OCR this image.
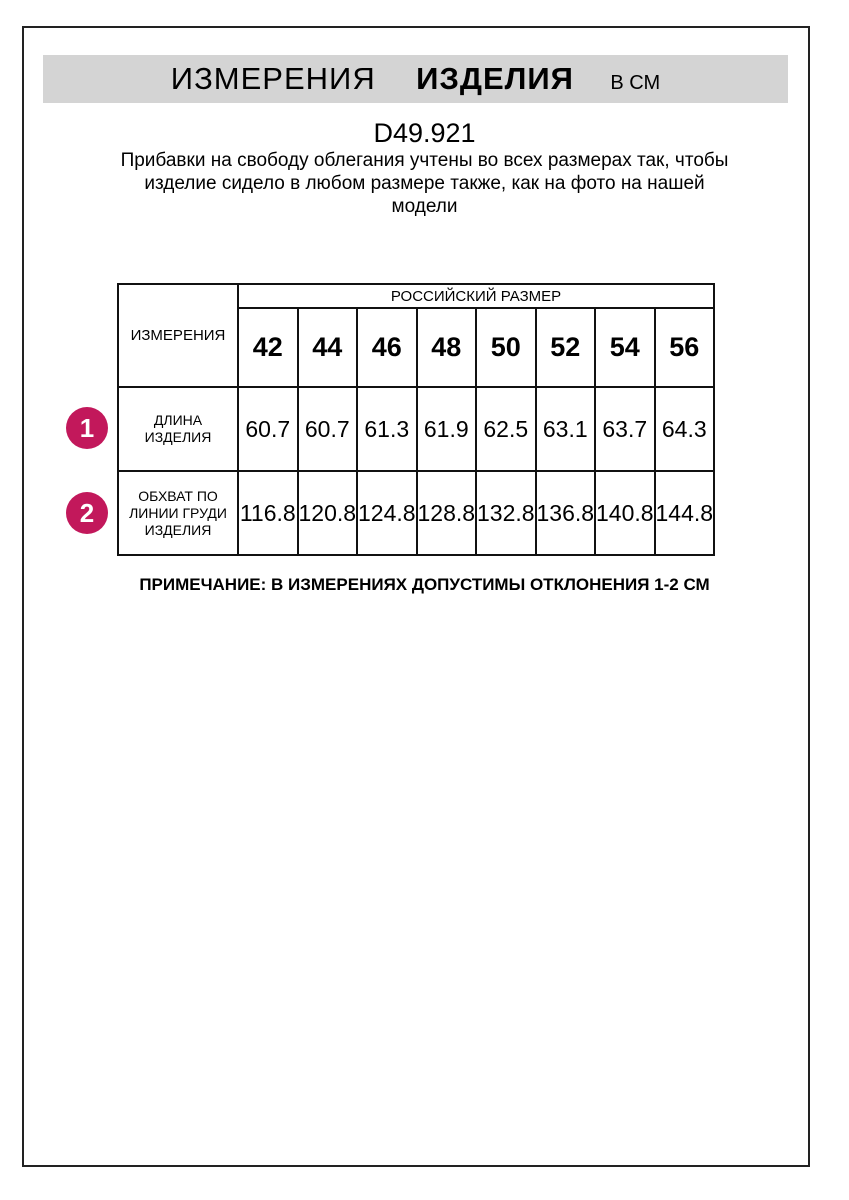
ИЗМЕРЕНИЯ ИЗДЕЛИЯ В СМ
D49.921
Прибавки на свободу облегания учтены во всех размерах так, чтобы
изделие сидело в любом размере также, как на фото на нашей
модели
ИЗМЕРЕНИЯ	РОССИЙСКИЙ РАЗМЕР							
	42	44	46	48	50	52	54	56
ДЛИНА ИЗДЕЛИЯ	60.7	60.7	61.3	61.9	62.5	63.1	63.7	64.3
ОБХВАТ ПО ЛИНИИ ГРУДИ ИЗДЕЛИЯ	116.8	120.8	124.8	128.8	132.8	136.8	140.8	144.8
1
2
ПРИМЕЧАНИЕ: В ИЗМЕРЕНИЯХ ДОПУСТИМЫ ОТКЛОНЕНИЯ 1-2 СМ
